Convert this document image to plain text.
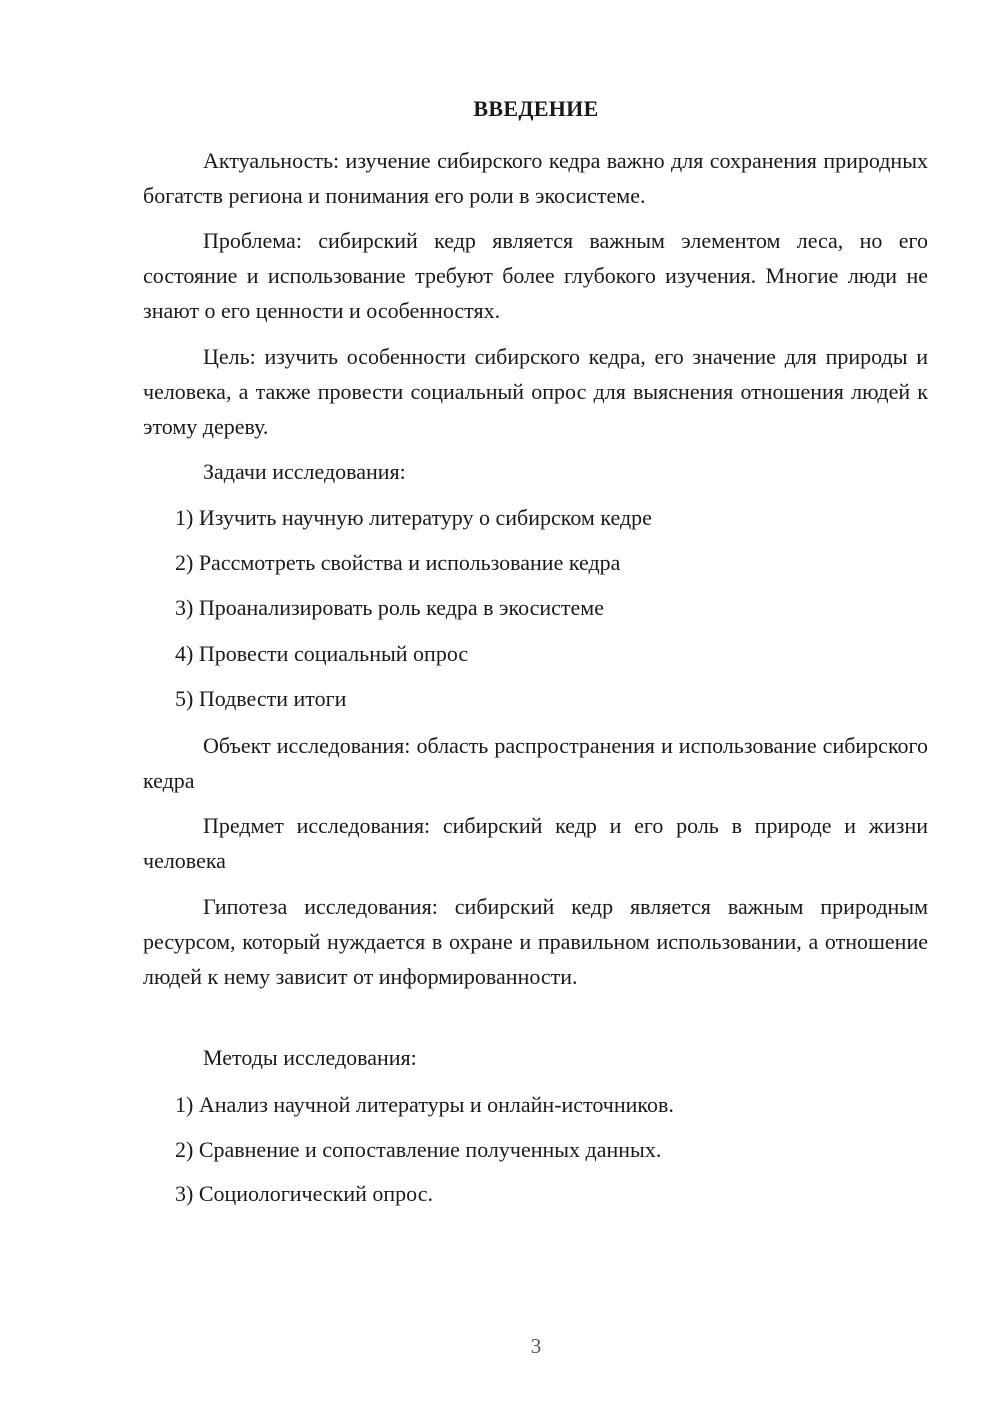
ВВЕДЕНИЕ
Актуальность: изучение сибирского кедра важно для сохранения природных богатств региона и понимания его роли в экосистеме.
Проблема: сибирский кедр является важным элементом леса, но его состояние и использование требуют более глубокого изучения. Многие люди не знают о его ценности и особенностях.
Цель: изучить особенности сибирского кедра, его значение для природы и человека, а также провести социальный опрос для выяснения отношения людей к этому дереву.
Задачи исследования:
1) Изучить научную литературу о сибирском кедре
2) Рассмотреть свойства и использование кедра
3) Проанализировать роль кедра в экосистеме
4) Провести социальный опрос
5) Подвести итоги
Объект исследования: область распространения и использование сибирского кедра
Предмет исследования: сибирский кедр и его роль в природе и жизни человека
Гипотеза исследования: сибирский кедр является важным природным ресурсом, который нуждается в охране и правильном использовании, а отношение людей к нему зависит от информированности.
Методы исследования:
1) Анализ научной литературы и онлайн-источников.
2) Сравнение и сопоставление полученных данных.
3) Социологический опрос.
3
